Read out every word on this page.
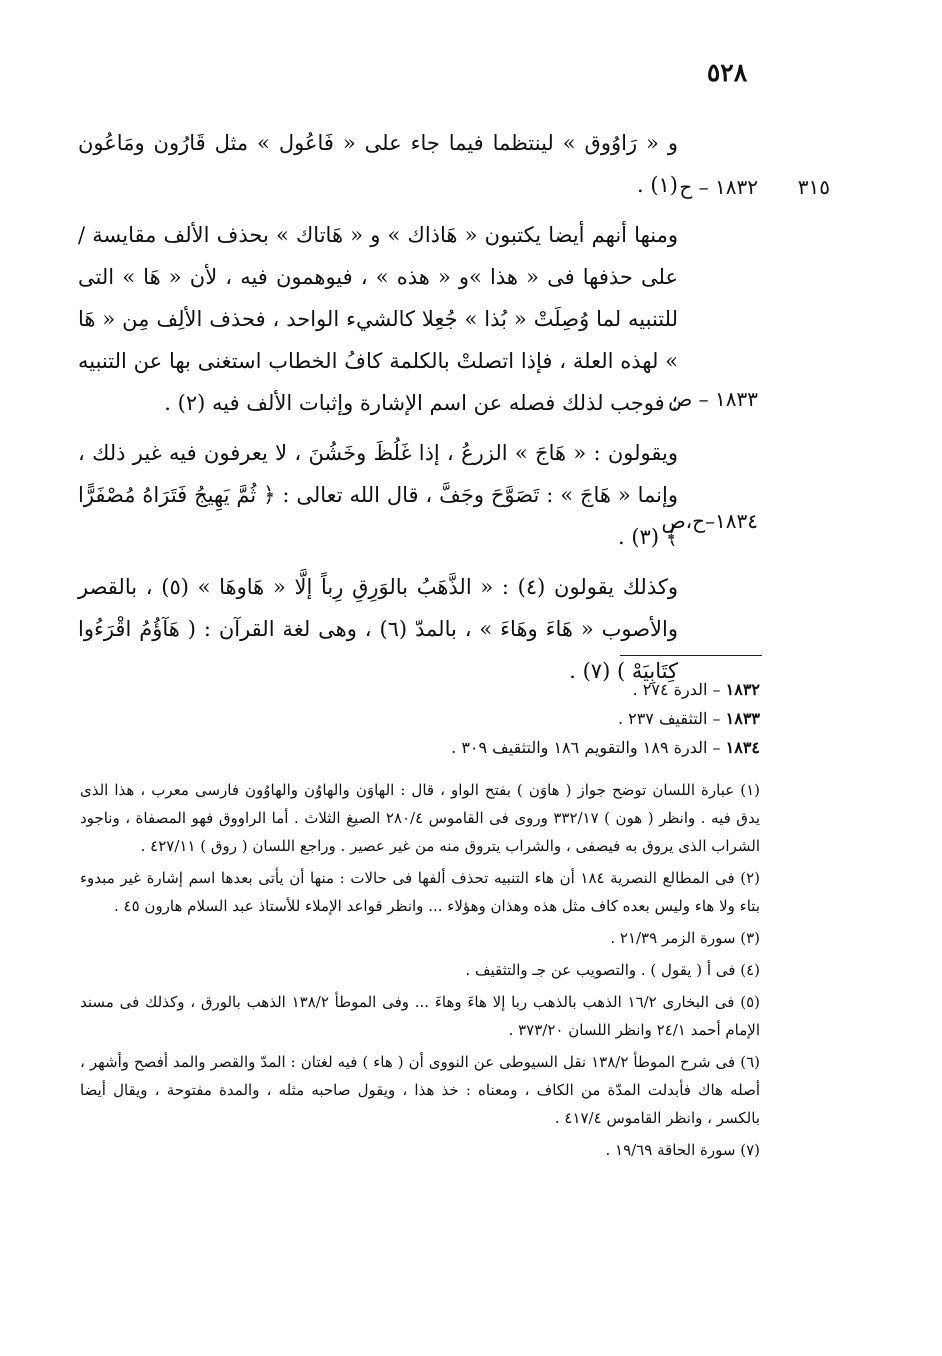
٥٢٨
٣١٥
١٨٣٢ – ح
١٨٣٣ – ص
١٨٣٤–ح،ص

و « رَاوُوق » لينتظما فيما جاء على « فَاعُول » مثل قَارُون ومَاعُون (١) .

ومنها أنهم أيضا يكتبون « هَاذاك » و « هَاتاك » بحذف الألف مقايسة / على حذفها فى « هذا »و « هذه » ، فيوهمون فيه ، لأن « هَا » التى للتنبيه لما وُصِلَتْ « بُذا » جُعِلا كالشيء الواحد ، فحذف الألِف مِن « هَا » لهذه العلة ، فإذا اتصلتْ بالكلمة كافُ الخطاب استغنى بها عن التنبيه ؛ فوجب لذلك فصله عن اسم الإشارة وإثبات الألف فيه (٢) .

ويقولون : « هَاجَ » الزرعُ ، إذا غَلُظَ وخَشُنَ ، لا يعرفون فيه غير ذلك ، وإنما « هَاجَ » : تَصَوَّحَ وجَفَّ ، قال الله تعالى : ﴿ ثُمَّ يَهِيجُ فَتَرَاهُ مُصْفَرًّا ﴾ (٣) .

وكذلك يقولون (٤) : « الذَّهَبُ بالوَرِقِ رِباً إلَّا « هَاوهَا » (٥) ، بالقصر والأصوب « هَاءَ وهَاءَ » ، بالمدّ (٦) ، وهى لغة القرآن : ( هَآؤُمُ اقْرَءُوا كِتَابِيَهْ ) (٧) .

١٨٣٢ – الدرة ٢٧٤ .
١٨٣٣ – التثقيف ٢٣٧ .
١٨٣٤ – الدرة ١٨٩ والتقويم ١٨٦ والتثقيف ٣٠٩ .

(١) عبارة اللسان توضح جواز ( هاوَن ) بفتح الواو ، قال : الهاوَن والهاوُن والهاوُون فارسى معرب ، هذا الذى يدق فيه . وانظر ( هون ) ٣٣٢/١٧ وروى فى القاموس ٢٨٠/٤ الصيغ الثلاث . أما الراووق فهو المصفاة ، وناجود الشراب الذى يروق به فيصفى ، والشراب يتروق منه من غير عصير . وراجع اللسان ( روق ) ٤٢٧/١١ .

(٢) فى المطالع النصرية ١٨٤ أن هاء التنبيه تحذف ألفها فى حالات : منها أن يأتى بعدها اسم إشارة غير مبدوء بتاء ولا هاء وليس بعده كاف مثل هذه وهذان وهؤلاء ... وانظر قواعد الإملاء للأستاذ عبد السلام هارون ٤٥ .

(٣) سورة الزمر ٢١/٣٩ .

(٤) فى أ ( يقول ) . والتصويب عن جـ والتثقيف .

(٥) فى البخارى ١٦/٢ الذهب بالذهب ربا إلا هاءَ وهاءَ ... وفى الموطأ ١٣٨/٢ الذهب بالورق ، وكذلك فى مسند الإمام أحمد ٢٤/١ وانظر اللسان ٣٧٣/٢٠ .

(٦) فى شرح الموطأ ١٣٨/٢ نقل السيوطى عن النووى أن ( هاء ) فيه لغتان : المدّ والقصر والمد أفصح وأشهر ، أصله هاك فأبدلت المدّة من الكاف ، ومعناه : خذ هذا ، ويقول صاحبه مثله ، والمدة مفتوحة ، ويقال أيضا بالكسر ، وانظر القاموس ٤١٧/٤ .

(٧) سورة الحاقة ١٩/٦٩ .
